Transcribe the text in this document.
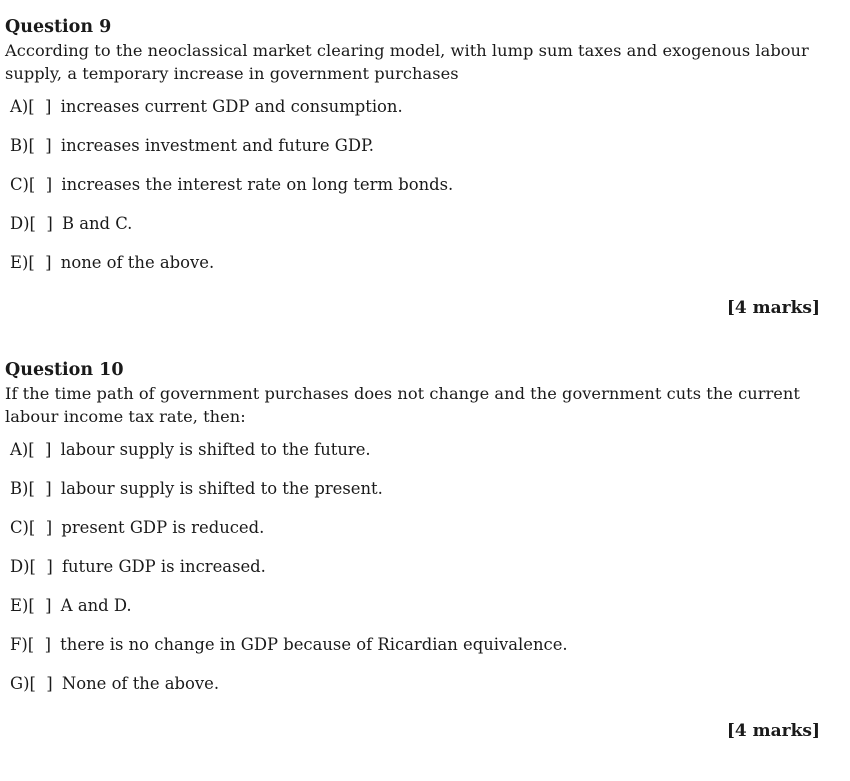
Question 9

According to the neoclassical market clearing model, with lump sum taxes and exogenous labour
supply, a temporary increase in government purchases

A)[  ] increases current GDP and consumption.
B)[  ] increases investment and future GDP.
C)[  ] increases the interest rate on long term bonds.
D)[  ] B and C.
E)[  ] none of the above.
[4 marks]

Question 10

If the time path of government purchases does not change and the government cuts the current
labour income tax rate, then:

A)[  ] labour supply is shifted to the future.
B)[  ] labour supply is shifted to the present.
C)[  ] present GDP is reduced.
D)[  ] future GDP is increased.
E)[  ] A and D.
F)[  ] there is no change in GDP because of Ricardian equivalence.
G)[  ] None of the above.
[4 marks]
